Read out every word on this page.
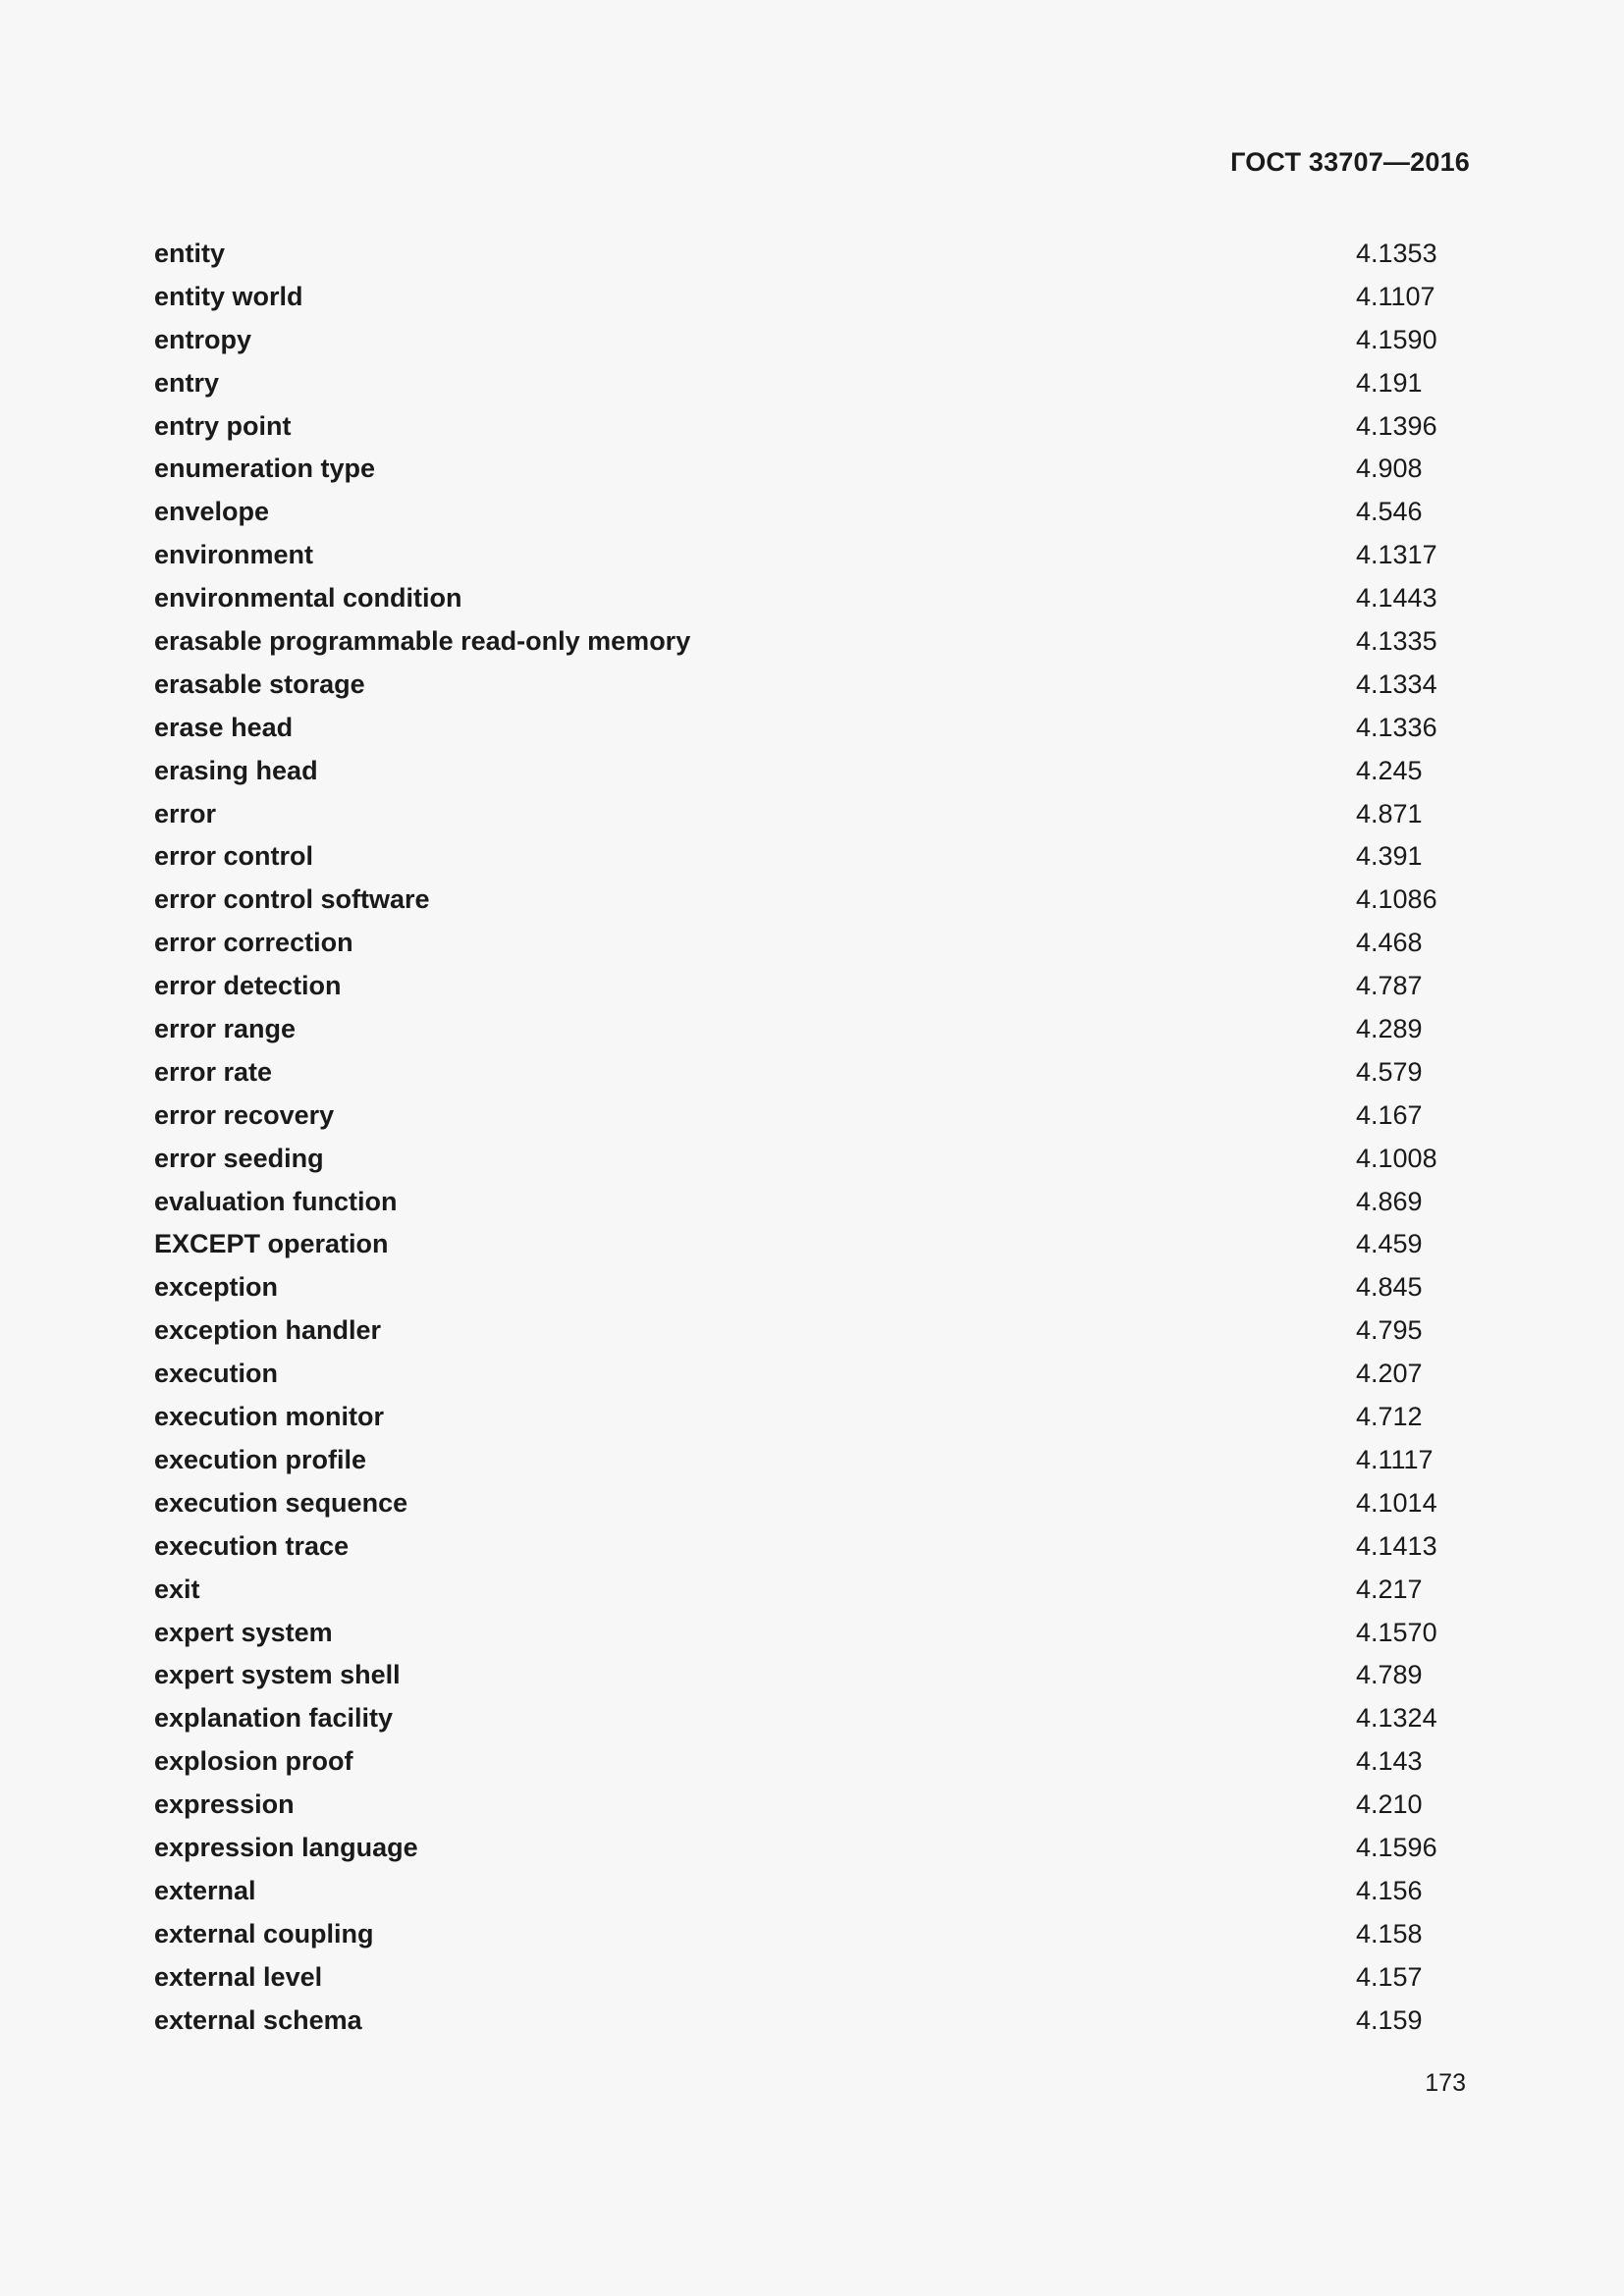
ГОСТ 33707—2016
entity	4.1353
entity world	4.1107
entropy	4.1590
entry	4.191
entry point	4.1396
enumeration type	4.908
envelope	4.546
environment	4.1317
environmental condition	4.1443
erasable programmable read-only memory	4.1335
erasable storage	4.1334
erase head	4.1336
erasing head	4.245
error	4.871
error control	4.391
error control software	4.1086
error correction	4.468
error detection	4.787
error range	4.289
error rate	4.579
error recovery	4.167
error seeding	4.1008
evaluation function	4.869
EXCEPT operation	4.459
exception	4.845
exception handler	4.795
execution	4.207
execution monitor	4.712
execution profile	4.1117
execution sequence	4.1014
execution trace	4.1413
exit	4.217
expert system	4.1570
expert system shell	4.789
explanation facility	4.1324
explosion proof	4.143
expression	4.210
expression language	4.1596
external	4.156
external coupling	4.158
external level	4.157
external schema	4.159
173
